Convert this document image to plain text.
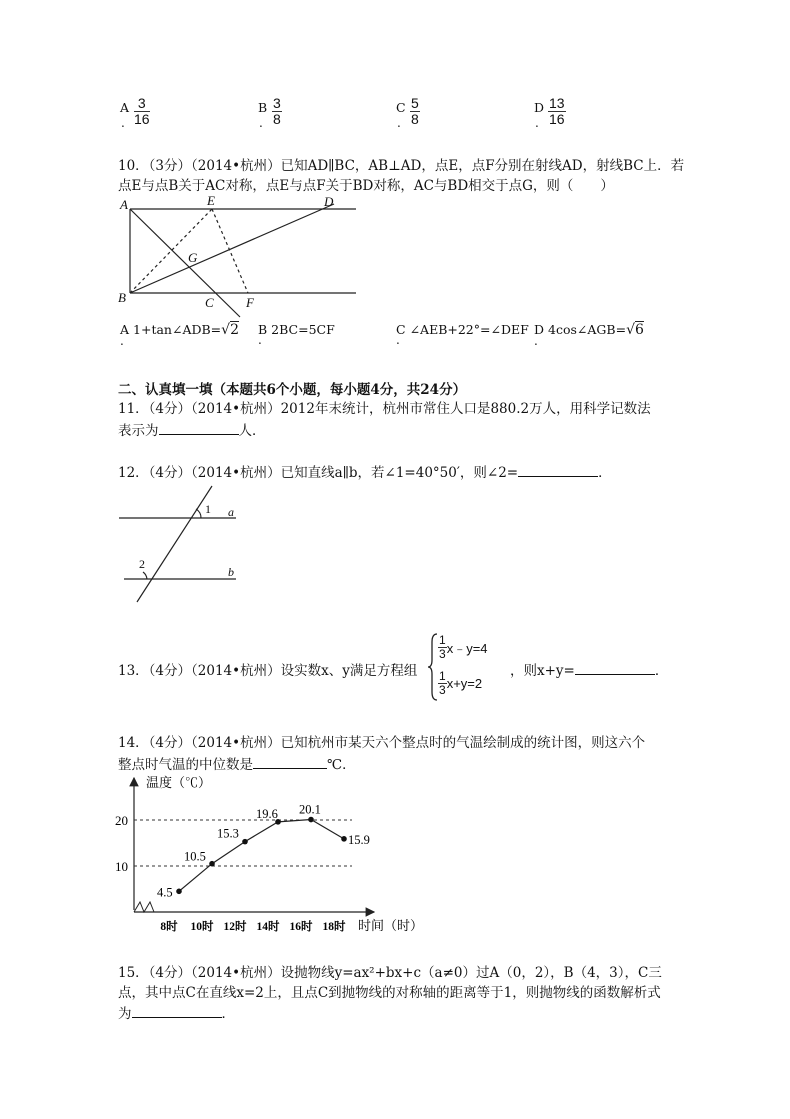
A
. $\frac{3}{16}$	B
. $\frac{3}{8}$	C
. $\frac{5}{8}$	D
. $\frac{13}{16}$
10．（3分）（2014•杭州）已知AD∥BC，AB⊥AD，点E，点F分别在射线AD，射线BC上．若
点E与点B关于AC对称，点E与点F关于BD对称，AC与BD相交于点G，则（　　）
A	E	D
G
B	C F
A 1+tan∠ADB=√2
.
B 2BC=5CF
.
C ∠AEB+22°=∠DEF
.
D 4cos∠AGB=√6
.
二、认真填一填（本题共6个小题，每小题4分，共24分）
11．（4分）（2014•杭州）2012年末统计，杭州市常住人口是880.2万人，用科学记数法
表示为	人．
12．（4分）（2014•杭州）已知直线a∥b，若∠1=40°50′，则∠2=	．
1
2
a
b
13．（4分）（2014•杭州）设实数x、y满足方程组
$\frac{1}{3}$ x﹣y=4
$\frac{1}{3} x+y=2$
，则x+y=	．
14．（4分）（2014•杭州）已知杭州市某天六个整点时的气温绘制成的统计图，则这六个
整点时气温的中位数是	℃．
温度（℃）
时间（时）
10
20
4.5
8时
10.5
10时
15.3
12时
19.6
14时
20.1
16时
15.9
18时
15．（4分）（2014•杭州）设抛物线y=ax²+bx+c（a≠0）过A（0，2），B（4，3），C三
点，其中点C在直线x=2上，且点C到抛物线的对称轴的距离等于1，则抛物线的函数解析式
为	．
